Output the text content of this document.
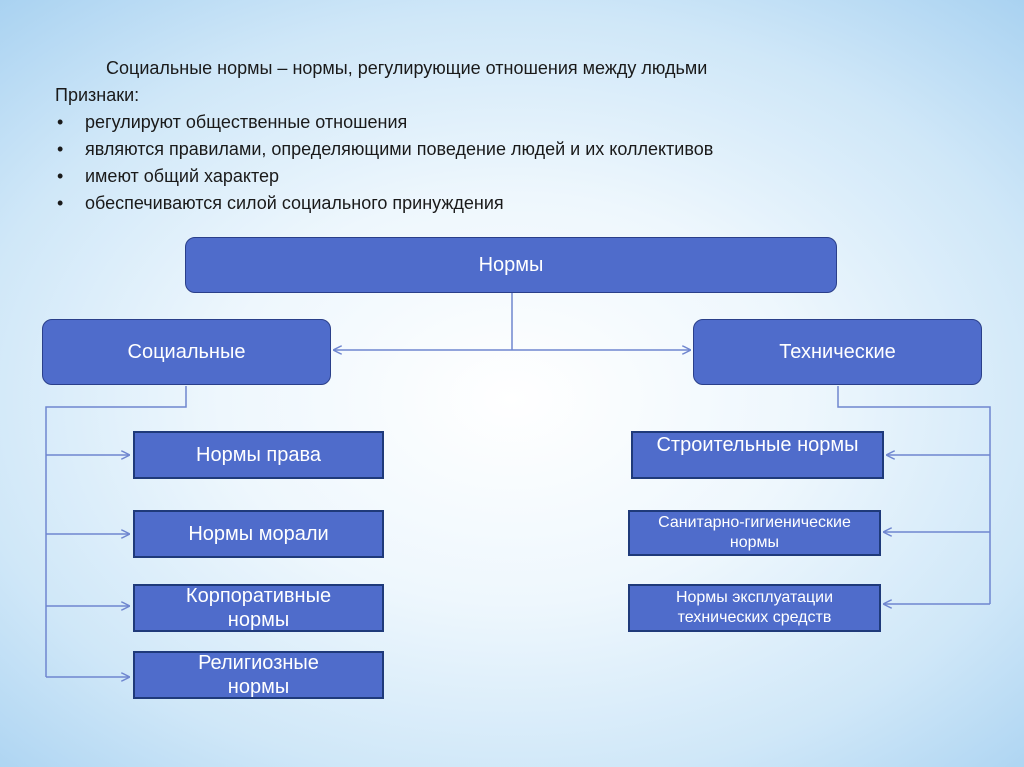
Социальные нормы – нормы, регулирующие отношения между людьми
Признаки:
• регулируют общественные отношения
• являются правилами, определяющими поведение людей и их коллективов
• имеют общий характер
• обеспечиваются силой социального принуждения
Нормы
Социальные	Технические
Нормы права
Нормы морали
Корпоративные нормы
Религиозные нормы
Строительные нормы
Санитарно-гигиенические нормы
Нормы эксплуатации технических средств
